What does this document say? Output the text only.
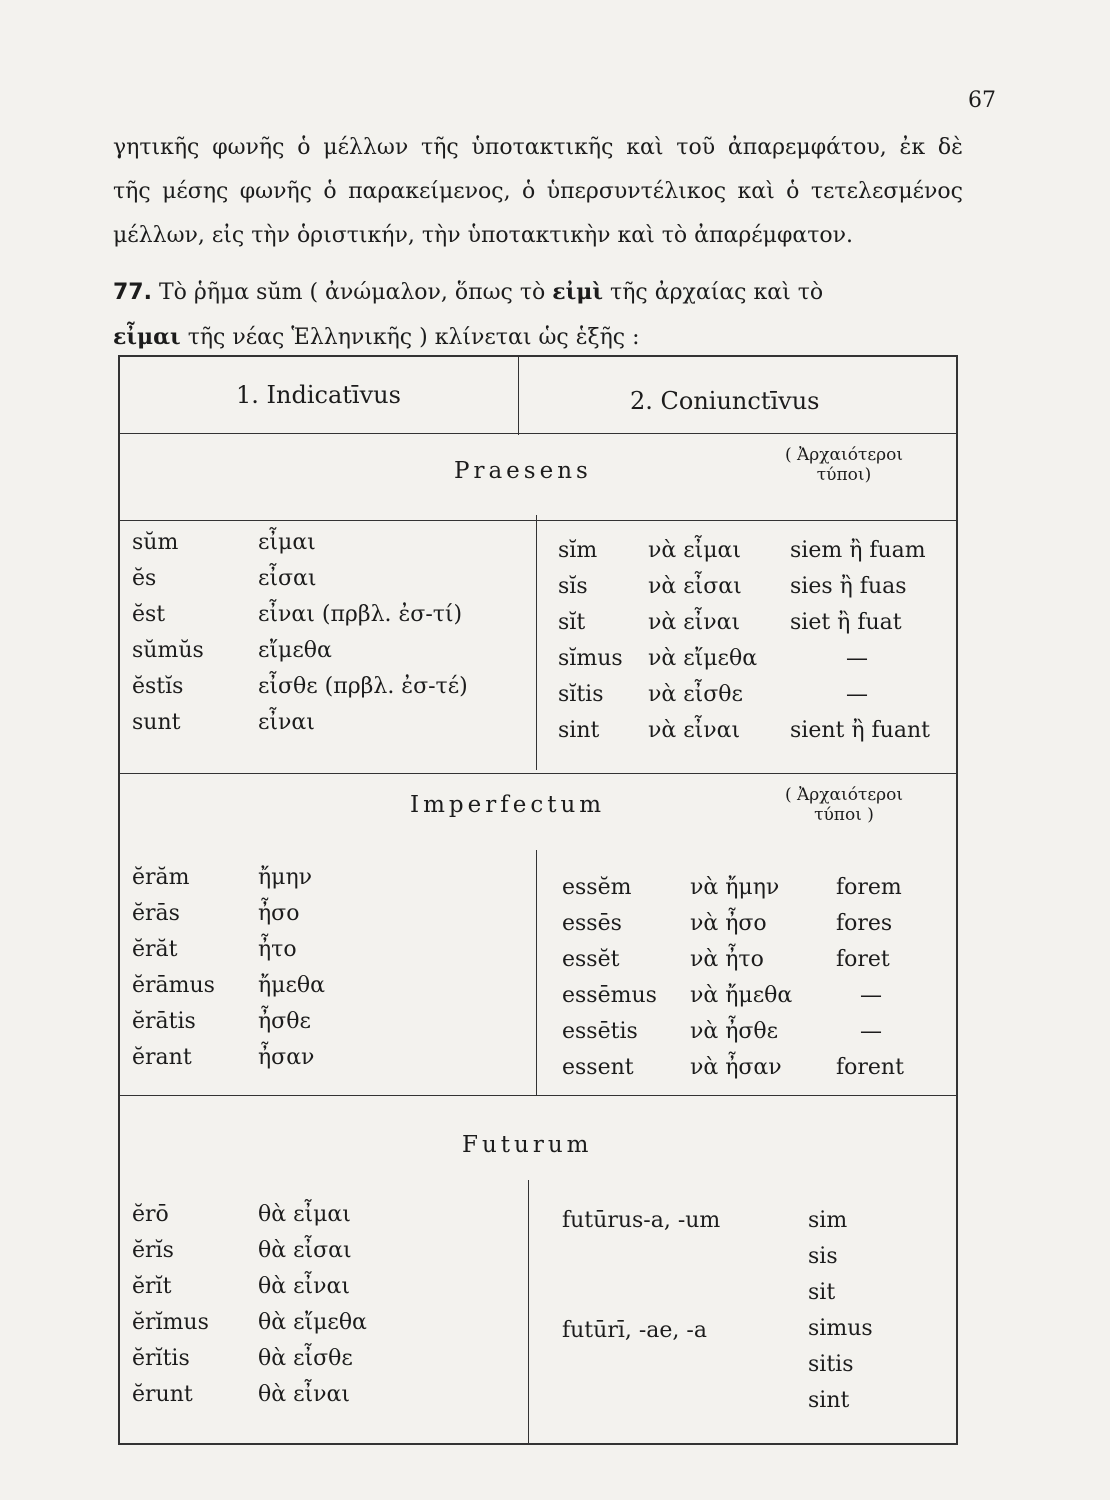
67

γητικῆς φωνῆς ὁ μέλλων τῆς ὑποτακτικῆς καὶ τοῦ ἀπαρεμφάτου, ἐκ δὲ
τῆς μέσης φωνῆς ὁ παρακείμενος, ὁ ὑπερσυντέλικος καὶ ὁ τετελεσμένος
μέλλων, εἰς τὴν ὁριστικήν, τὴν ὑποτακτικὴν καὶ τὸ ἀπαρέμφατον.

77. Τὸ ῥῆμα sŭm ( ἀνώμαλον, ὅπως τὸ εἰμὶ τῆς ἀρχαίας καὶ τὸ
εἶμαι τῆς νέας Ἑλληνικῆς ) κλίνεται ὡς ἑξῆς :

1. Indicatīvus	2. Coniunctīvus
Praesens
( Ἀρχαιότεροι τύποι)
sŭm
ĕs
ĕst
sŭmŭs
ĕstĭs
sunt
εἶμαι
εἶσαι
εἶναι (πρβλ. ἐσ-τί)
εἴμεθα
εἶσθε (πρβλ. ἐσ-τέ)
εἶναι
sĭm
sĭs
sĭt
sĭmus
sĭtis
sint
νὰ εἶμαι
νὰ εἶσαι
νὰ εἶναι
νὰ εἴμεθα
νὰ εἶσθε
νὰ εἶναι
siem ἢ fuam
sies ἢ fuas
siet ἢ fuat
—
—
sient ἢ fuant
Imperfectum	( Ἀρχαιότεροι τύποι )
ĕrăm
ĕrās
ĕrăt
ĕrāmus
ĕrātis
ĕrant
ἤμην
ἦσο
ἦτο
ἤμεθα
ἦσθε
ἦσαν
essĕm
essēs
essĕt
essēmus
essētis
essent
νὰ ἤμην
νὰ ἦσο
νὰ ἦτο
νὰ ἤμεθα
νὰ ἦσθε
νὰ ἦσαν
forem
fores
foret
—
—
forent
Futurum
ĕrō
ĕrĭs
ĕrĭt
ĕrĭmus
ĕrĭtis
ĕrunt
θὰ εἶμαι
θὰ εἶσαι
θὰ εἶναι
θὰ εἴμεθα
θὰ εἶσθε
θὰ εἶναι
futūrus-a, -um
futūrī, -ae, -a
sim
sis
sit
simus
sitis
sint
